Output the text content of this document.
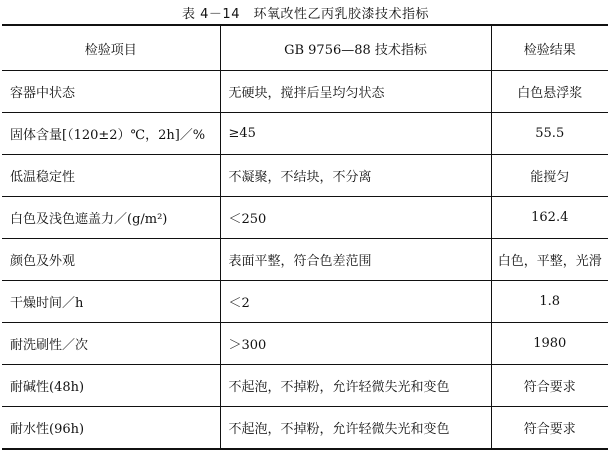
表 4－14　环氧改性乙丙乳胶漆技术指标
检验项目	GB 9756—88 技术指标	检验结果
容器中状态	无硬块，搅拌后呈均匀状态	白色悬浮浆
固体含量[（120±2）℃，2h]／%	≥45	55.5
低温稳定性	不凝聚，不结块，不分离	能搅匀
白色及浅色遮盖力／(g/m²)	＜250	162.4
颜色及外观	表面平整，符合色差范围	白色，平整，光滑
干燥时间／h	＜2	1.8
耐洗刷性／次	＞300	1980
耐碱性(48h)	不起泡，不掉粉，允许轻微失光和变色	符合要求
耐水性(96h)	不起泡，不掉粉，允许轻微失光和变色	符合要求
